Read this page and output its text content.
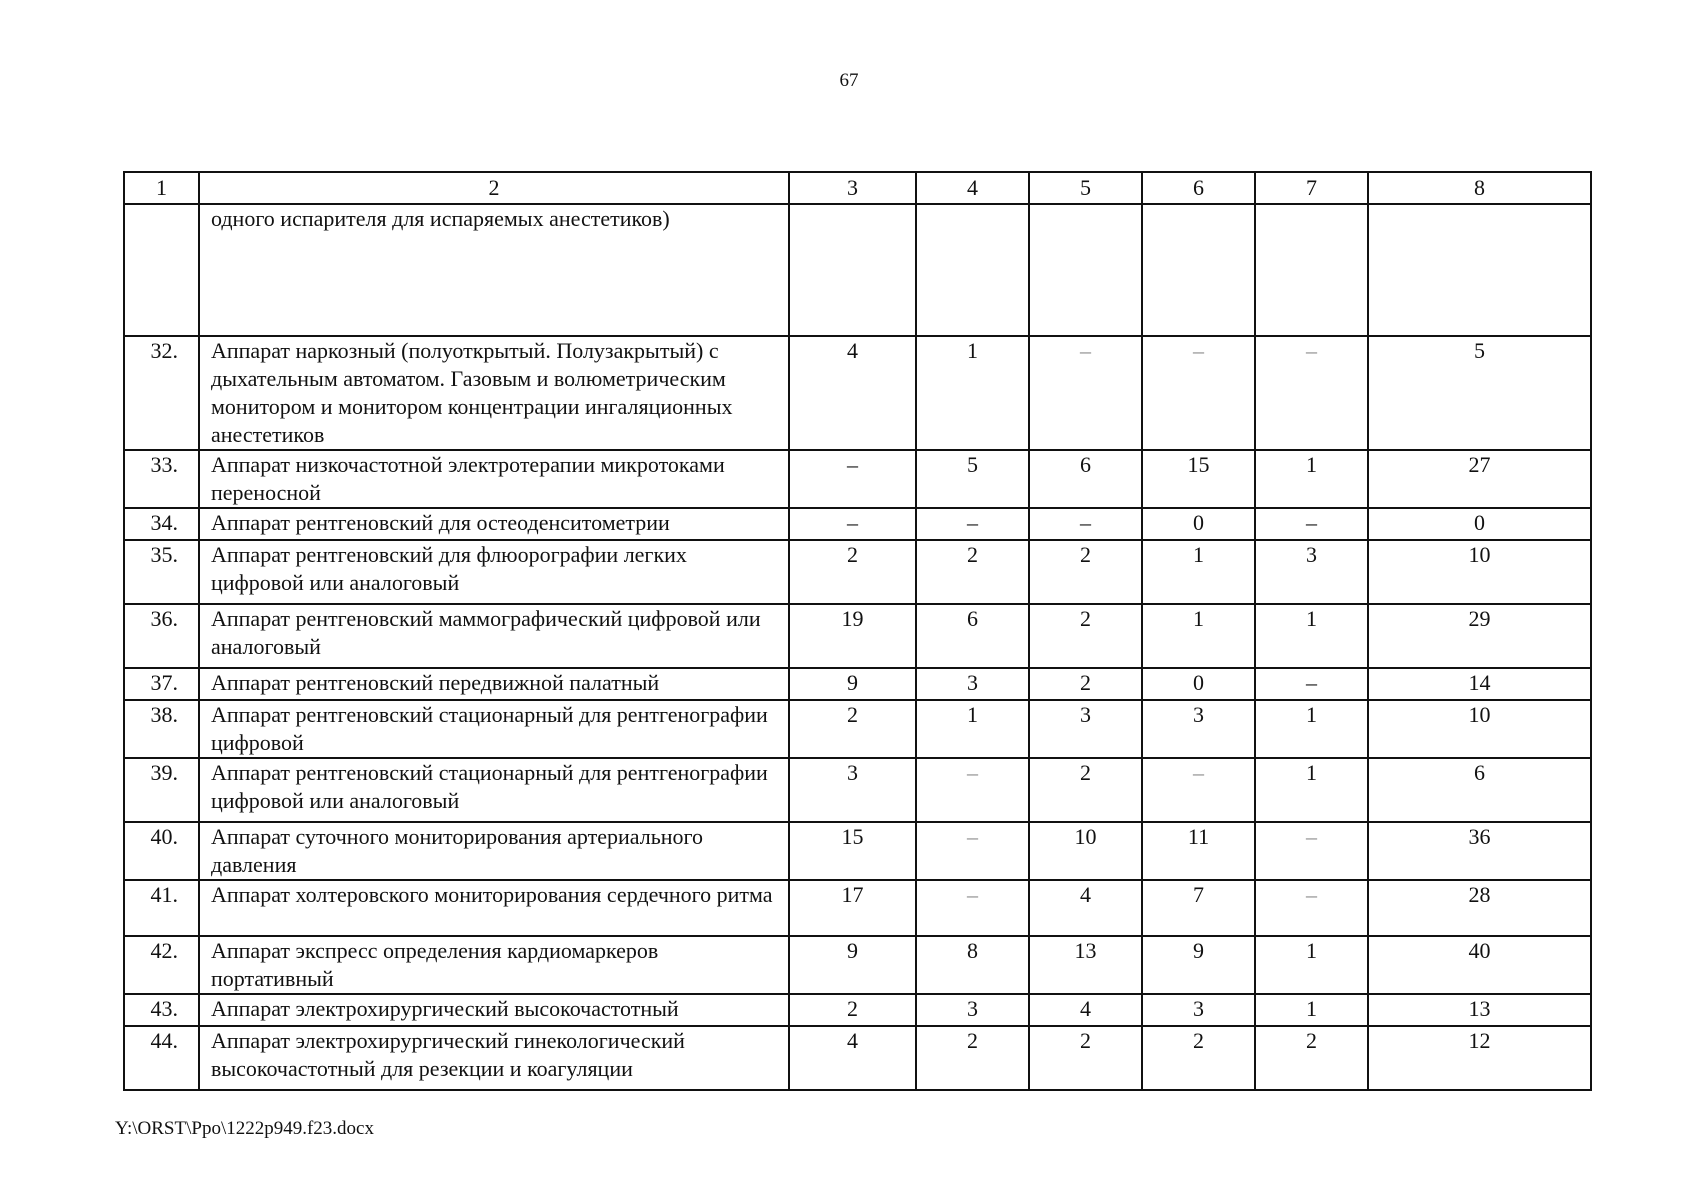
67
1	2	3	4	5	6	7	8
	одного испарителя для испаряемых анестетиков)						
32.	Аппарат наркозный (полуоткрытый. Полузакрытый) с дыхательным автоматом. Газовым и волюметрическим монитором и монитором концентрации ингаляционных анестетиков	4	1	–	–	–	5
33.	Аппарат низкочастотной электротерапии микротоками переносной	–	5	6	15	1	27
34.	Аппарат рентгеновский для остеоденситометрии	–	–	–	0	–	0
35.	Аппарат рентгеновский для флюорографии легких цифровой или аналоговый	2	2	2	1	3	10
36.	Аппарат рентгеновский маммографический цифровой или аналоговый	19	6	2	1	1	29
37.	Аппарат рентгеновский передвижной палатный	9	3	2	0	–	14
38.	Аппарат рентгеновский стационарный для рентгенографии цифровой	2	1	3	3	1	10
39.	Аппарат рентгеновский стационарный для рентгенографии цифровой или аналоговый	3	–	2	–	1	6
40.	Аппарат суточного мониторирования артериального давления	15	–	10	11	–	36
41.	Аппарат холтеровского мониторирования сердечного ритма	17	–	4	7	–	28
42.	Аппарат экспресс определения кардиомаркеров портативный	9	8	13	9	1	40
43.	Аппарат электрохирургический высокочастотный	2	3	4	3	1	13
44.	Аппарат электрохирургический гинекологический высокочастотный для резекции и коагуляции	4	2	2	2	2	12
Y:\ORST\Ppo\1222p949.f23.docx
